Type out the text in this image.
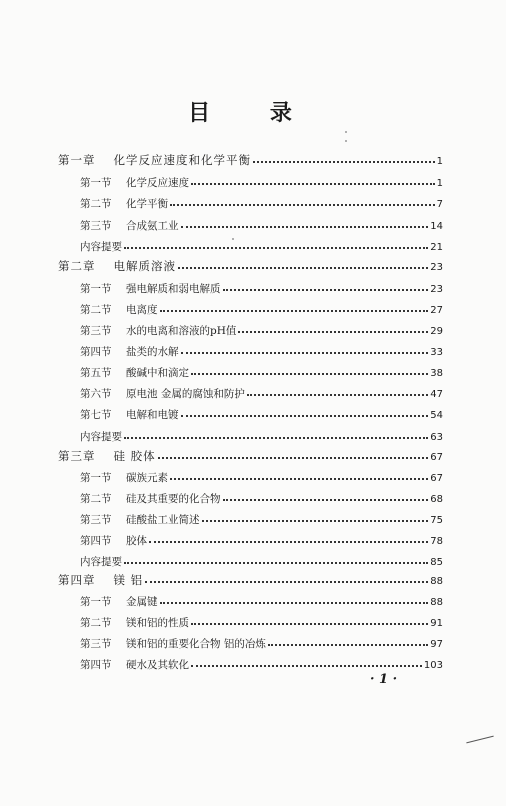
目 录
第一章 化学反应速度和化学平衡	1
第一节 化学反应速度	1
第二节 化学平衡	7
第三节 合成氨工业	14
内容提要	21
第二章 电解质溶液	23
第一节 强电解质和弱电解质	23
第二节 电离度	27
第三节 水的电离和溶液的pH值	29
第四节 盐类的水解	33
第五节 酸碱中和滴定	38
第六节 原电池 金属的腐蚀和防护	47
第七节 电解和电镀	54
内容提要	63
第三章 硅 胶体	67
第一节 碳族元素	67
第二节 硅及其重要的化合物	68
第三节 硅酸盐工业简述	75
第四节 胶体	78
内容提要	85
第四章 镁 铝	88
第一节 金属键	88
第二节 镁和铝的性质	91
第三节 镁和铝的重要化合物 铝的冶炼	97
第四节 硬水及其软化	103
· 1 ·
